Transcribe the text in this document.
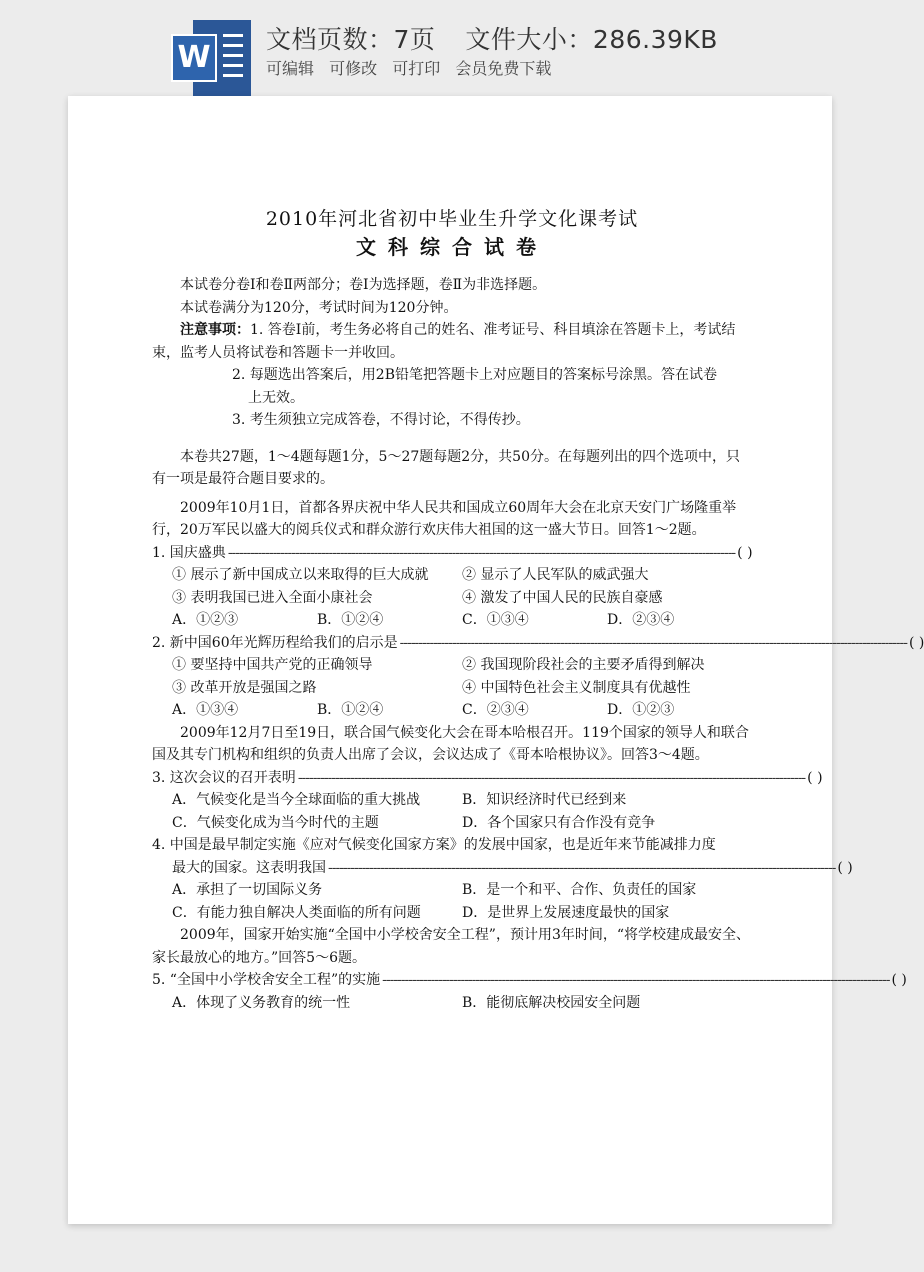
W
文档页数：7页 文件大小：286.39KB
可编辑 可修改 可打印 会员免费下载
2010年河北省初中毕业生升学文化课考试
文科综合试卷

本试卷分卷Ⅰ和卷Ⅱ两部分；卷Ⅰ为选择题，卷Ⅱ为非选择题。

本试卷满分为120分，考试时间为120分钟。

注意事项：1. 答卷Ⅰ前，考生务必将自己的姓名、准考证号、科目填涂在答题卡上，考试结束，监考人员将试卷和答题卡一并收回。

2. 每题选出答案后，用2B铅笔把答题卡上对应题目的答案标号涂黑。答在试卷
上无效。

3. 考生须独立完成答卷，不得讨论，不得传抄。

本卷共27题，1～4题每题1分，5～27题每题2分，共50分。在每题列出的四个选项中，只有一项是最符合题目要求的。

2009年10月1日，首都各界庆祝中华人民共和国成立60周年大会在北京天安门广场隆重举行，20万军民以盛大的阅兵仪式和群众游行欢庆伟大祖国的这一盛大节日。回答1～2题。

1. 国庆盛典 ---------------------------------------------------------------------------------------------------------------------------------------- ( )
① 展示了新中国成立以来取得的巨大成就	② 显示了人民军队的威武强大
③ 表明我国已进入全面小康社会	④ 激发了中国人民的民族自豪感
A．①②③	B．①②④	C．①③④	D．②③④
2. 新中国60年光辉历程给我们的启示是 ---------------------------------------------------------------------------------------------------------------------------------------- ( )
① 要坚持中国共产党的正确领导	② 我国现阶段社会的主要矛盾得到解决
③ 改革开放是强国之路	④ 中国特色社会主义制度具有优越性
A．①③④	B．①②④	C．②③④	D．①②③

2009年12月7日至19日，联合国气候变化大会在哥本哈根召开。119个国家的领导人和联合国及其专门机构和组织的负责人出席了会议，会议达成了《哥本哈根协议》。回答3～4题。

3. 这次会议的召开表明 ---------------------------------------------------------------------------------------------------------------------------------------- ( )
A．气候变化是当今全球面临的重大挑战	B．知识经济时代已经到来
C．气候变化成为当今时代的主题	D．各个国家只有合作没有竞争

4. 中国是最早制定实施《应对气候变化国家方案》的发展中国家，也是近年来节能减排力度

最大的国家。这表明我国 ---------------------------------------------------------------------------------------------------------------------------------------- ( )
A．承担了一切国际义务	B．是一个和平、合作、负责任的国家
C．有能力独自解决人类面临的所有问题	D．是世界上发展速度最快的国家

2009年，国家开始实施“全国中小学校舍安全工程”，预计用3年时间，“将学校建成最安全、家长最放心的地方。”回答5～6题。

5. “全国中小学校舍安全工程”的实施 ---------------------------------------------------------------------------------------------------------------------------------------- ( )
A．体现了义务教育的统一性	B．能彻底解决校园安全问题
